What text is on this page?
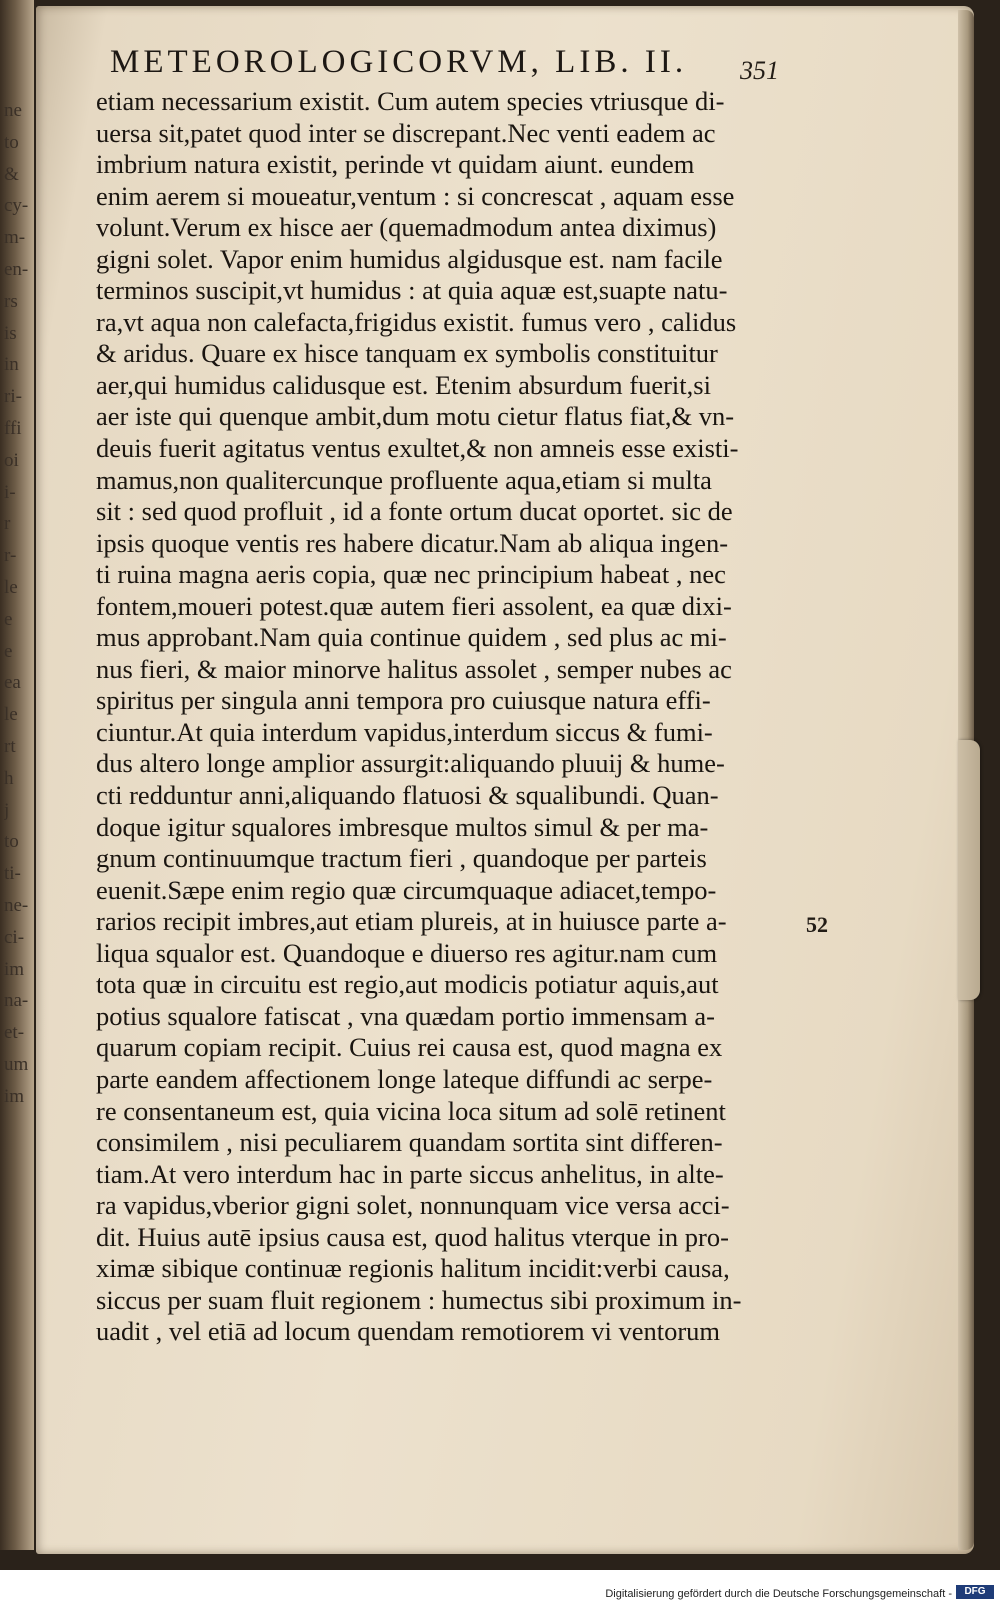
ne
to
&
cy-
m-
en-
rs
is
in
ri-
ffi
oi
i-
r
r-
le
e
e
ea
le
rt
h
j
to
ti-
ne-
ci-
im
na-
et-
um
im
METEOROLOGICORVM, LIB. II.	351
etiam necessarium existit. Cum autem species vtriusque di-
uersa sit,patet quod inter se discrepant.Nec venti eadem ac
imbrium natura existit, perinde vt quidam aiunt. eundem
enim aerem si moueatur,ventum : si concrescat , aquam esse
volunt.Verum ex hisce aer (quemadmodum antea diximus)
gigni solet. Vapor enim humidus algidusque est. nam facile
terminos suscipit,vt humidus : at quia aquæ est,suapte natu-
ra,vt aqua non calefacta,frigidus existit. fumus vero , calidus
& aridus. Quare ex hisce tanquam ex symbolis constituitur
aer,qui humidus calidusque est. Etenim absurdum fuerit,si
aer iste qui quenque ambit,dum motu cietur flatus fiat,& vn-
deuis fuerit agitatus ventus exultet,& non amneis esse existi-
mamus,non qualitercunque profluente aqua,etiam si multa
sit : sed quod profluit , id a fonte ortum ducat oportet. sic de
ipsis quoque ventis res habere dicatur.Nam ab aliqua ingen-
ti ruina magna aeris copia, quæ nec principium habeat , nec
fontem,moueri potest.quæ autem fieri assolent, ea quæ dixi-
mus approbant.Nam quia continue quidem , sed plus ac mi-
nus fieri, & maior minorve halitus assolet , semper nubes ac
spiritus per singula anni tempora pro cuiusque natura effi-
ciuntur.At quia interdum vapidus,interdum siccus & fumi-
dus altero longe amplior assurgit:aliquando pluuij & hume-
cti redduntur anni,aliquando flatuosi & squalibundi. Quan-
doque igitur squalores imbresque multos simul & per ma-
gnum continuumque tractum fieri , quandoque per parteis
euenit.Sæpe enim regio quæ circumquaque adiacet,tempo-
rarios recipit imbres,aut etiam plureis, at in huiusce parte a-
liqua squalor est. Quandoque e diuerso res agitur.nam cum
tota quæ in circuitu est regio,aut modicis potiatur aquis,aut
potius squalore fatiscat , vna quædam portio immensam a-
quarum copiam recipit. Cuius rei causa est, quod magna ex
parte eandem affectionem longe lateque diffundi ac serpe-
re consentaneum est, quia vicina loca situm ad solē retinent
consimilem , nisi peculiarem quandam sortita sint differen-
tiam.At vero interdum hac in parte siccus anhelitus, in alte-
ra vapidus,vberior gigni solet, nonnunquam vice versa acci-
dit. Huius autē ipsius causa est, quod halitus vterque in pro-
ximæ sibique continuæ regionis halitum incidit:verbi causa,
siccus per suam fluit regionem : humectus sibi proximum in-
uadit , vel etiā ad locum quendam remotiorem vi ventorum
52
Digitalisierung gefördert durch die Deutsche Forschungsgemeinschaft -	DFG
